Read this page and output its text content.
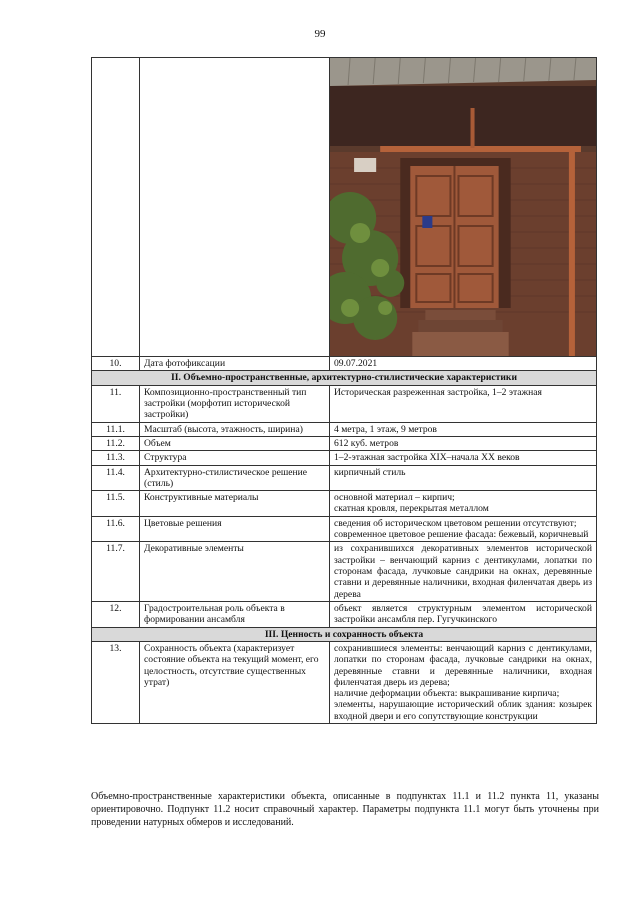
99

10.	Дата фотофиксации	09.07.2021

II. Объемно-пространственные, архитектурно-стилистические характеристики		
11.	Композиционно-пространственный тип застройки (морфотип исторической застройки)	Историческая разреженная застройка, 1–2 этажная

11.1.	Масштаб (высота, этажность, ширина)	4 метра, 1 этаж, 9 метров

11.2.	Объем	612 куб. метров

11.3.	Структура	1–2-этажная застройка XIX–начала XX веков

11.4.	Архитектурно-стилистическое решение (стиль)	кирпичный стиль

11.5.	Конструктивные материалы	основной материал – кирпич;
скатная кровля, перекрытая металлом

11.6.	Цветовые решения	сведения об историческом цветовом решении отсутствуют;
современное цветовое решение фасада: бежевый, коричневый

11.7.	Декоративные элементы	из сохранившихся декоративных элементов исторической застройки – венчающий карниз с дентикулами, лопатки по сторонам фасада, лучковые сандрики на окнах, деревянные ставни и деревянные наличники, входная филенчатая дверь из дерева

12.	Градостроительная роль объекта в формировании ансамбля	объект является структурным элементом исторической застройки ансамбля пер. Гугучкинского

III. Ценность и сохранность объекта		
13.	Сохранность объекта (характеризует состояние объекта на текущий момент, его целостность, отсутствие существенных утрат)	сохранившиеся элементы: венчающий карниз с дентикулами, лопатки по сторонам фасада, лучковые сандрики на окнах, деревянные ставни и деревянные наличники, входная филенчатая дверь из дерева;
наличие деформации объекта: выкрашивание кирпича;
элементы, нарушающие исторический облик здания: козырек входной двери и его сопутствующие конструкции
Объемно-пространственные характеристики объекта, описанные в подпунктах 11.1 и 11.2 пункта 11, указаны ориентировочно. Подпункт 11.2 носит справочный характер. Параметры подпункта 11.1 могут быть уточнены при проведении натурных обмеров и исследований.
